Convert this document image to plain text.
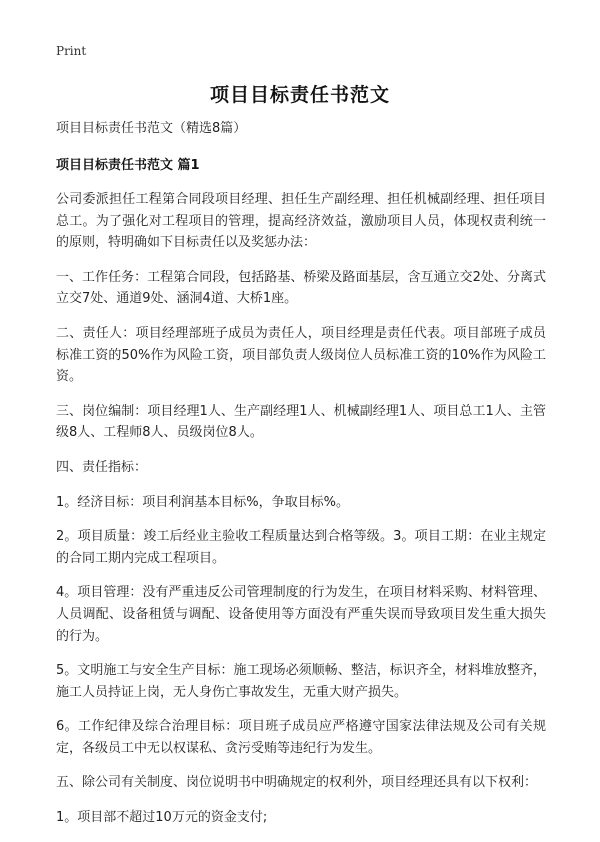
Print
项目目标责任书范文

项目目标责任书范文（精选8篇）

项目目标责任书范文 篇1

公司委派担任工程第合同段项目经理、担任生产副经理、担任机械副经理、担任项目总工。为了强化对工程项目的管理，提高经济效益，激励项目人员，体现权责利统一的原则，特明确如下目标责任以及奖惩办法：

一、工作任务：工程第合同段，包括路基、桥梁及路面基层，含互通立交2处、分离式立交7处、通道9处、涵洞4道、大桥1座。

二、责任人：项目经理部班子成员为责任人，项目经理是责任代表。项目部班子成员标准工资的50%作为风险工资，项目部负责人级岗位人员标准工资的10%作为风险工资。

三、岗位编制：项目经理1人、生产副经理1人、机械副经理1人、项目总工1人、主管级8人、工程师8人、员级岗位8人。

四、责任指标：

1。经济目标：项目利润基本目标%，争取目标%。

2。项目质量：竣工后经业主验收工程质量达到合格等级。3。项目工期：在业主规定的合同工期内完成工程项目。

4。项目管理：没有严重违反公司管理制度的行为发生，在项目材料采购、材料管理、人员调配、设备租赁与调配、设备使用等方面没有严重失误而导致项目发生重大损失的行为。

5。文明施工与安全生产目标：施工现场必须顺畅、整洁，标识齐全，材料堆放整齐，施工人员持证上岗，无人身伤亡事故发生，无重大财产损失。

6。工作纪律及综合治理目标：项目班子成员应严格遵守国家法律法规及公司有关规定，各级员工中无以权谋私、贪污受贿等违纪行为发生。

五、除公司有关制度、岗位说明书中明确规定的权利外，项目经理还具有以下权利：

1。项目部不超过10万元的资金支付;
